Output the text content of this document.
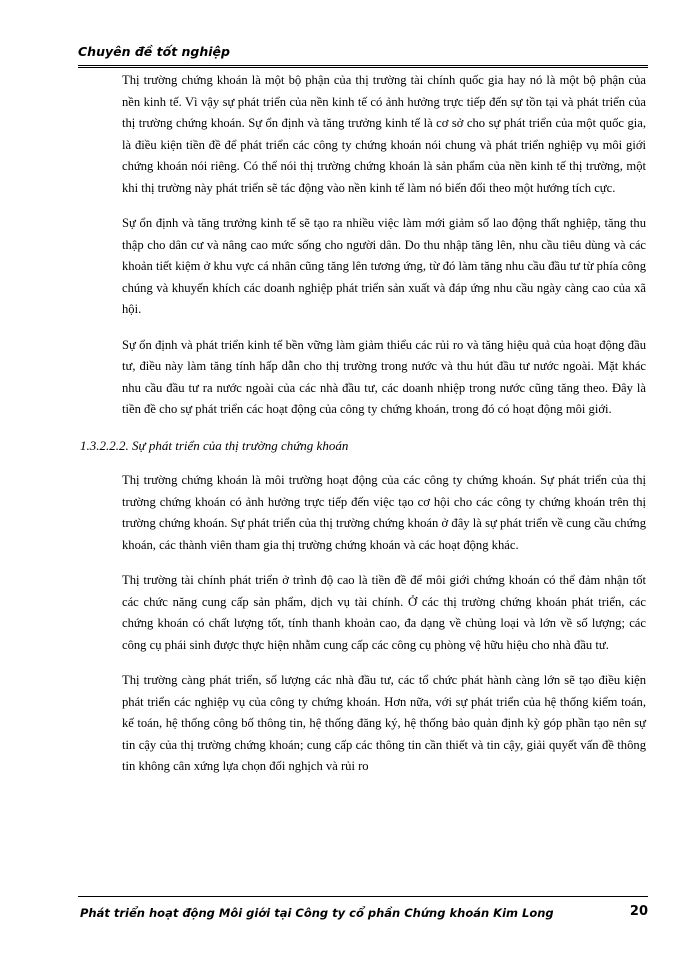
Chuyên đề tốt nghiệp

Thị trường chứng khoán là một bộ phận của thị trường tài chính quốc gia hay nó là một bộ phận của nền kinh tế. Vì vậy sự phát triển của nền kinh tế có ảnh hưởng trực tiếp đến sự tồn tại và phát triển của thị trường chứng khoán. Sự ổn định và tăng trưởng kinh tế là cơ sở cho sự phát triển của một quốc gia, là điều kiện tiền đề để phát triển các công ty chứng khoán nói chung và phát triển nghiệp vụ môi giới chứng khoán nói riêng. Có thể nói thị trường chứng khoán là sản phẩm của nền kinh tế thị trường, một khi thị trường này phát triển sẽ tác động vào nền kinh tế làm nó biến đổi theo một hướng tích cực.

Sự ổn định và tăng trưởng kinh tế sẽ tạo ra nhiều việc làm mới giảm số lao động thất nghiệp, tăng thu thập cho dân cư và nâng cao mức sống cho người dân. Do thu nhập tăng lên, nhu cầu tiêu dùng và các khoản tiết kiệm ở khu vực cá nhân cũng tăng lên tương ứng, từ đó làm tăng nhu cầu đầu tư từ phía công chúng và khuyến khích các doanh nghiệp phát triển sản xuất và đáp ứng nhu cầu ngày càng cao của xã hội.

Sự ổn định và phát triển kinh tế bền vững làm giảm thiểu các rủi ro và tăng hiệu quả của hoạt động đầu tư, điều này làm tăng tính hấp dẫn cho thị trường trong nước và thu hút đầu tư nước ngoài. Mặt khác nhu cầu đầu tư ra nước ngoài của các nhà đầu tư, các doanh nhiệp trong nước cũng tăng theo. Đây là tiền đề cho sự phát triển các hoạt động của công ty chứng khoán, trong đó có hoạt động môi giới.

1.3.2.2.2. Sự phát triển của thị trường chứng khoán

Thị trường chứng khoán là môi trường hoạt động của các công ty chứng khoán. Sự phát triển của thị trường chứng khoán có ảnh hưởng trực tiếp đến việc tạo cơ hội cho các công ty chứng khoán trên thị trường chứng khoán. Sự phát triển của thị trường chứng khoán ở đây là sự phát triển về cung cầu chứng khoán, các thành viên tham gia thị trường chứng khoán và các hoạt động khác.

Thị trường tài chính phát triển ở trình độ cao là tiền đề để môi giới chứng khoán có thể đảm nhận tốt các chức năng cung cấp sản phẩm, dịch vụ tài chính. Ở các thị trường chứng khoán phát triển, các chứng khoán có chất lượng tốt, tính thanh khoản cao, đa dạng về chủng loại và lớn về số lượng; các công cụ phái sinh được thực hiện nhằm cung cấp các công cụ phòng vệ hữu hiệu cho nhà đầu tư.

Thị trường càng phát triển, số lượng các nhà đầu tư, các tổ chức phát hành càng lớn sẽ tạo điều kiện phát triển các nghiệp vụ của công ty chứng khoán. Hơn nữa, với sự phát triển của hệ thống kiểm toán, kế toán, hệ thống công bố thông tin, hệ thống đăng ký, hệ thống bảo quản định kỳ góp phần tạo nên sự tin cậy của thị trường chứng khoán; cung cấp các thông tin cần thiết và tin cậy, giải quyết vấn đề thông tin không cân xứng lựa chọn đối nghịch và rủi ro

Phát triển hoạt động Môi giới tại Công ty cổ phần Chứng khoán Kim Long	20
